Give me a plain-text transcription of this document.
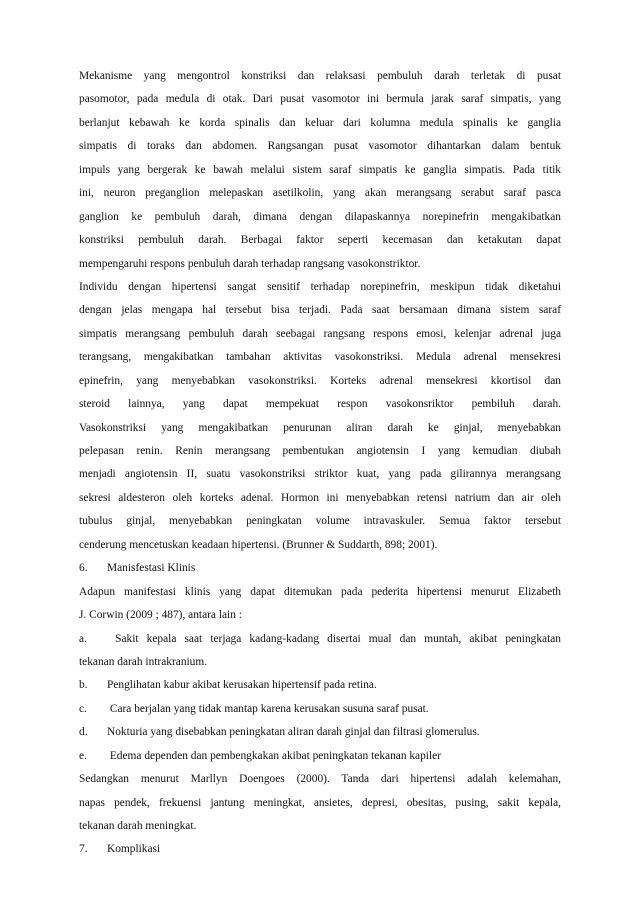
Mekanisme yang mengontrol konstriksi dan relaksasi pembuluh darah terletak di pusat
pasomotor, pada medula di otak. Dari pusat vasomotor ini bermula jarak saraf simpatis, yang
berlanjut kebawah ke korda spinalis dan keluar dari kolumna medula spinalis ke ganglia
simpatis di toraks dan abdomen. Rangsangan pusat vasomotor dihantarkan dalam bentuk
impuls yang bergerak ke bawah melalui sistem saraf simpatis ke ganglia simpatis. Pada titik
ini, neuron preganglion melepaskan asetilkolin, yang akan merangsang serabut saraf pasca
ganglion ke pembuluh darah, dimana dengan dilapaskannya norepinefrin mengakibatkan
konstriksi pembuluh darah. Berbagai faktor seperti kecemasan dan ketakutan dapat
mempengaruhi respons penbuluh darah terhadap rangsang vasokonstriktor.
Individu dengan hipertensi sangat sensitif terhadap norepinefrin, meskipun tidak diketahui
dengan jelas mengapa hal tersebut bisa terjadi. Pada saat bersamaan dimana sistem saraf
simpatis merangsang pembuluh darah seebagai rangsang respons emosi, kelenjar adrenal juga
terangsang, mengakibatkan tambahan aktivitas vasokonstriksi. Medula adrenal mensekresi
epinefrin, yang menyebabkan vasokonstriksi. Korteks adrenal mensekresi kkortisol dan
steroid lainnya, yang dapat mempekuat respon vasokonsriktor pembiluh darah.
Vasokonstriksi yang mengakibatkan penurunan aliran darah ke ginjal, menyebabkan
pelepasan renin. Renin merangsang pembentukan angiotensin I yang kemudian diubah
menjadi angiotensin II, suatu vasokonstriksi striktor kuat, yang pada gilirannya merangsang
sekresi aldesteron oleh korteks adenal. Hormon ini menyebabkan retensi natrium dan air oleh
tubulus ginjal, menyebabkan peningkatan volume intravaskuler. Semua faktor tersebut
cenderung mencetuskan keadaan hipertensi. (Brunner & Suddarth, 898; 2001).
6. Manisfestasi Klinis
Adapun manifestasi klinis yang dapat ditemukan pada pederita hipertensi menurut Elizabeth
J. Corwin (2009 ; 487), antara lain :
a. Sakit kepala saat terjaga kadang-kadang disertai mual dan muntah, akibat peningkatan
tekanan darah intrakranium.
b. Penglihatan kabur akibat kerusakan hipertensif pada retina.
c. Cara berjalan yang tidak mantap karena kerusakan susuna saraf pusat.
d. Nokturia yang disebabkan peningkatan aliran darah ginjal dan filtrasi glomerulus.
e. Edema dependen dan pembengkakan akibat peningkatan tekanan kapiler
Sedangkan menurut Marllyn Doengoes (2000). Tanda dari hipertensi adalah kelemahan,
napas pendek, frekuensi jantung meningkat, ansietes, depresi, obesitas, pusing, sakit kepala,
tekanan darah meningkat.
7. Komplikasi
